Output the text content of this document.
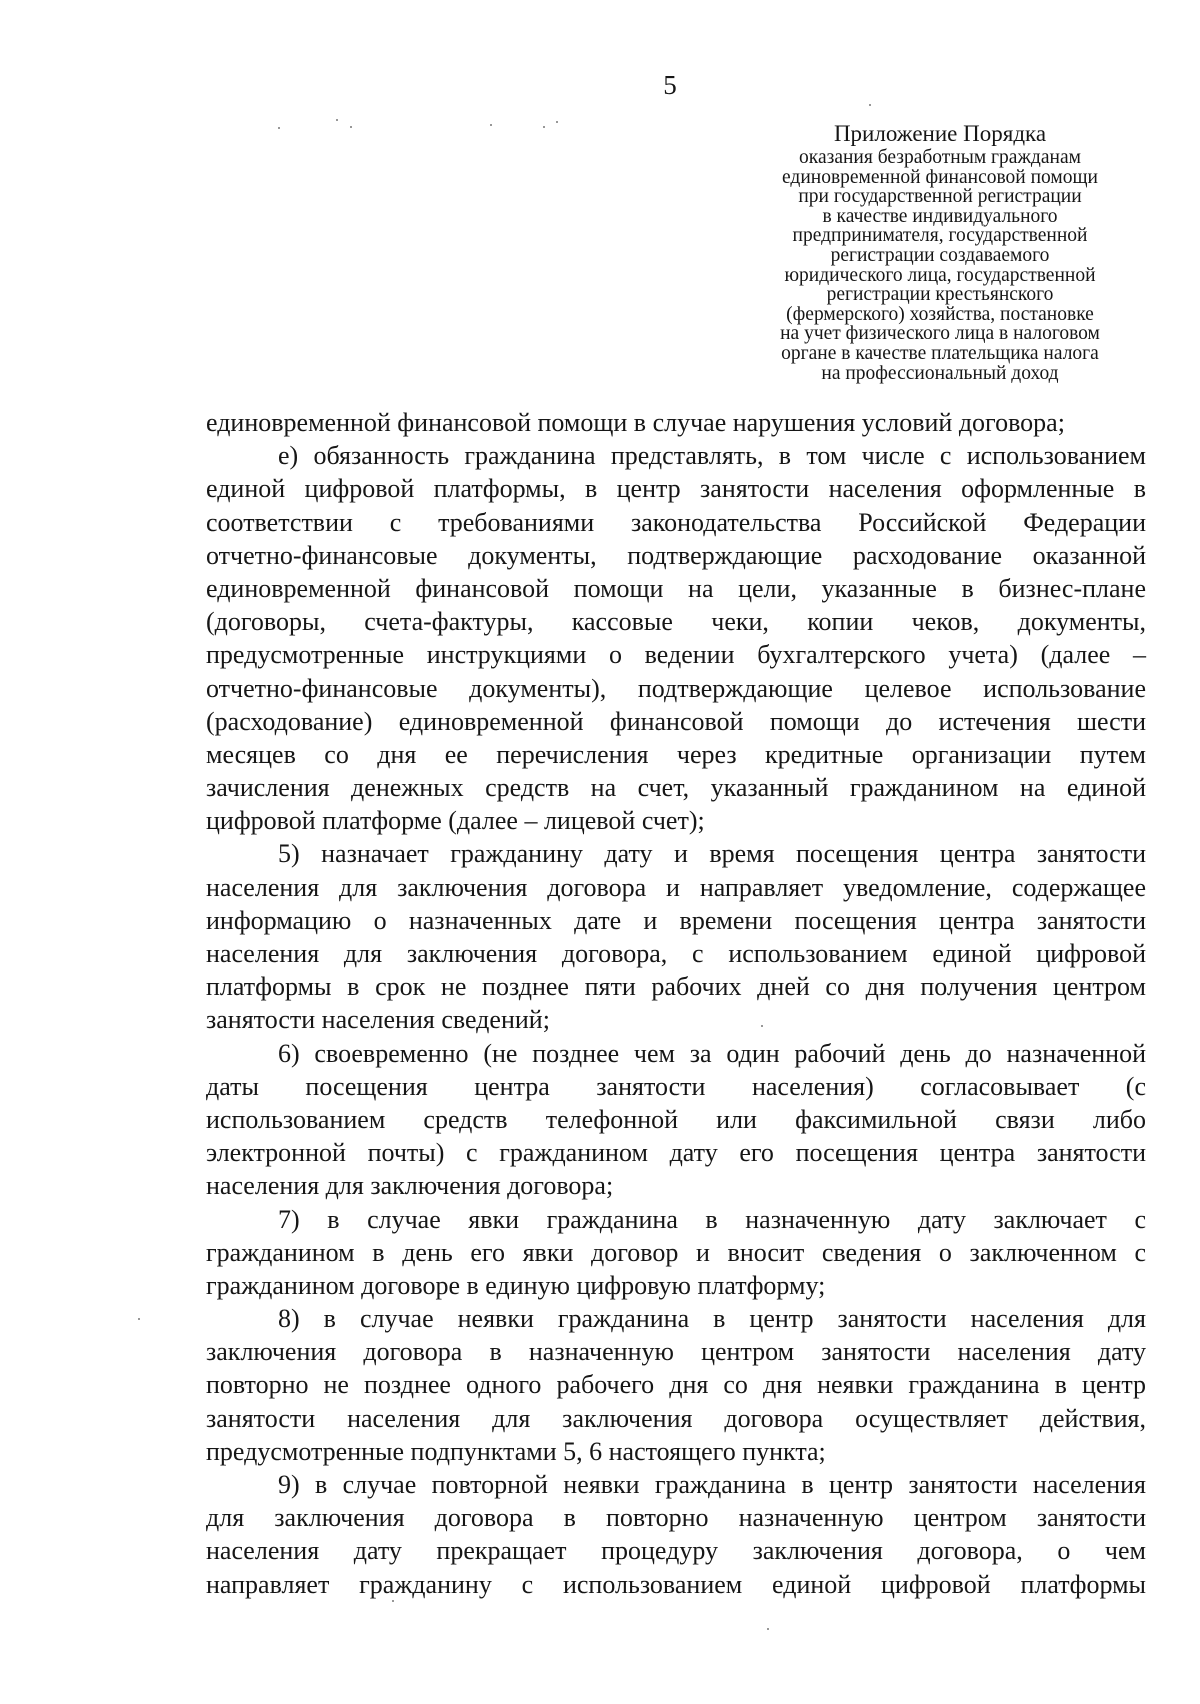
5

Приложение Порядка

оказания безработным гражданам

единовременной финансовой помощи

при государственной регистрации

в качестве индивидуального

предпринимателя, государственной

регистрации создаваемого

юридического лица, государственной

регистрации крестьянского

(фермерского) хозяйства, постановке

на учет физического лица в налоговом

органе в качестве плательщика налога

на профессиональный доход

единовременной финансовой помощи в случае нарушения условий договора;
е) обязанность гражданина представлять, в том числе с использованием
единой цифровой платформы, в центр занятости населения оформленные в
соответствии с требованиями законодательства Российской Федерации
отчетно-финансовые документы, подтверждающие расходование оказанной
единовременной финансовой помощи на цели, указанные в бизнес-плане
(договоры, счета-фактуры, кассовые чеки, копии чеков, документы,
предусмотренные инструкциями о ведении бухгалтерского учета) (далее –
отчетно-финансовые документы), подтверждающие целевое использование
(расходование) единовременной финансовой помощи до истечения шести
месяцев со дня ее перечисления через кредитные организации путем
зачисления денежных средств на счет, указанный гражданином на единой
цифровой платформе (далее – лицевой счет);
5) назначает гражданину дату и время посещения центра занятости
населения для заключения договора и направляет уведомление, содержащее
информацию о назначенных дате и времени посещения центра занятости
населения для заключения договора, с использованием единой цифровой
платформы в срок не позднее пяти рабочих дней со дня получения центром
занятости населения сведений;
6) своевременно (не позднее чем за один рабочий день до назначенной
даты посещения центра занятости населения) согласовывает (с
использованием средств телефонной или факсимильной связи либо
электронной почты) с гражданином дату его посещения центра занятости
населения для заключения договора;
7) в случае явки гражданина в назначенную дату заключает с
гражданином в день его явки договор и вносит сведения о заключенном с
гражданином договоре в единую цифровую платформу;
8) в случае неявки гражданина в центр занятости населения для
заключения договора в назначенную центром занятости населения дату
повторно не позднее одного рабочего дня со дня неявки гражданина в центр
занятости населения для заключения договора осуществляет действия,
предусмотренные подпунктами 5, 6 настоящего пункта;
9) в случае повторной неявки гражданина в центр занятости населения
для заключения договора в повторно назначенную центром занятости
населения дату прекращает процедуру заключения договора, о чем
направляет гражданину с использованием единой цифровой платформы
